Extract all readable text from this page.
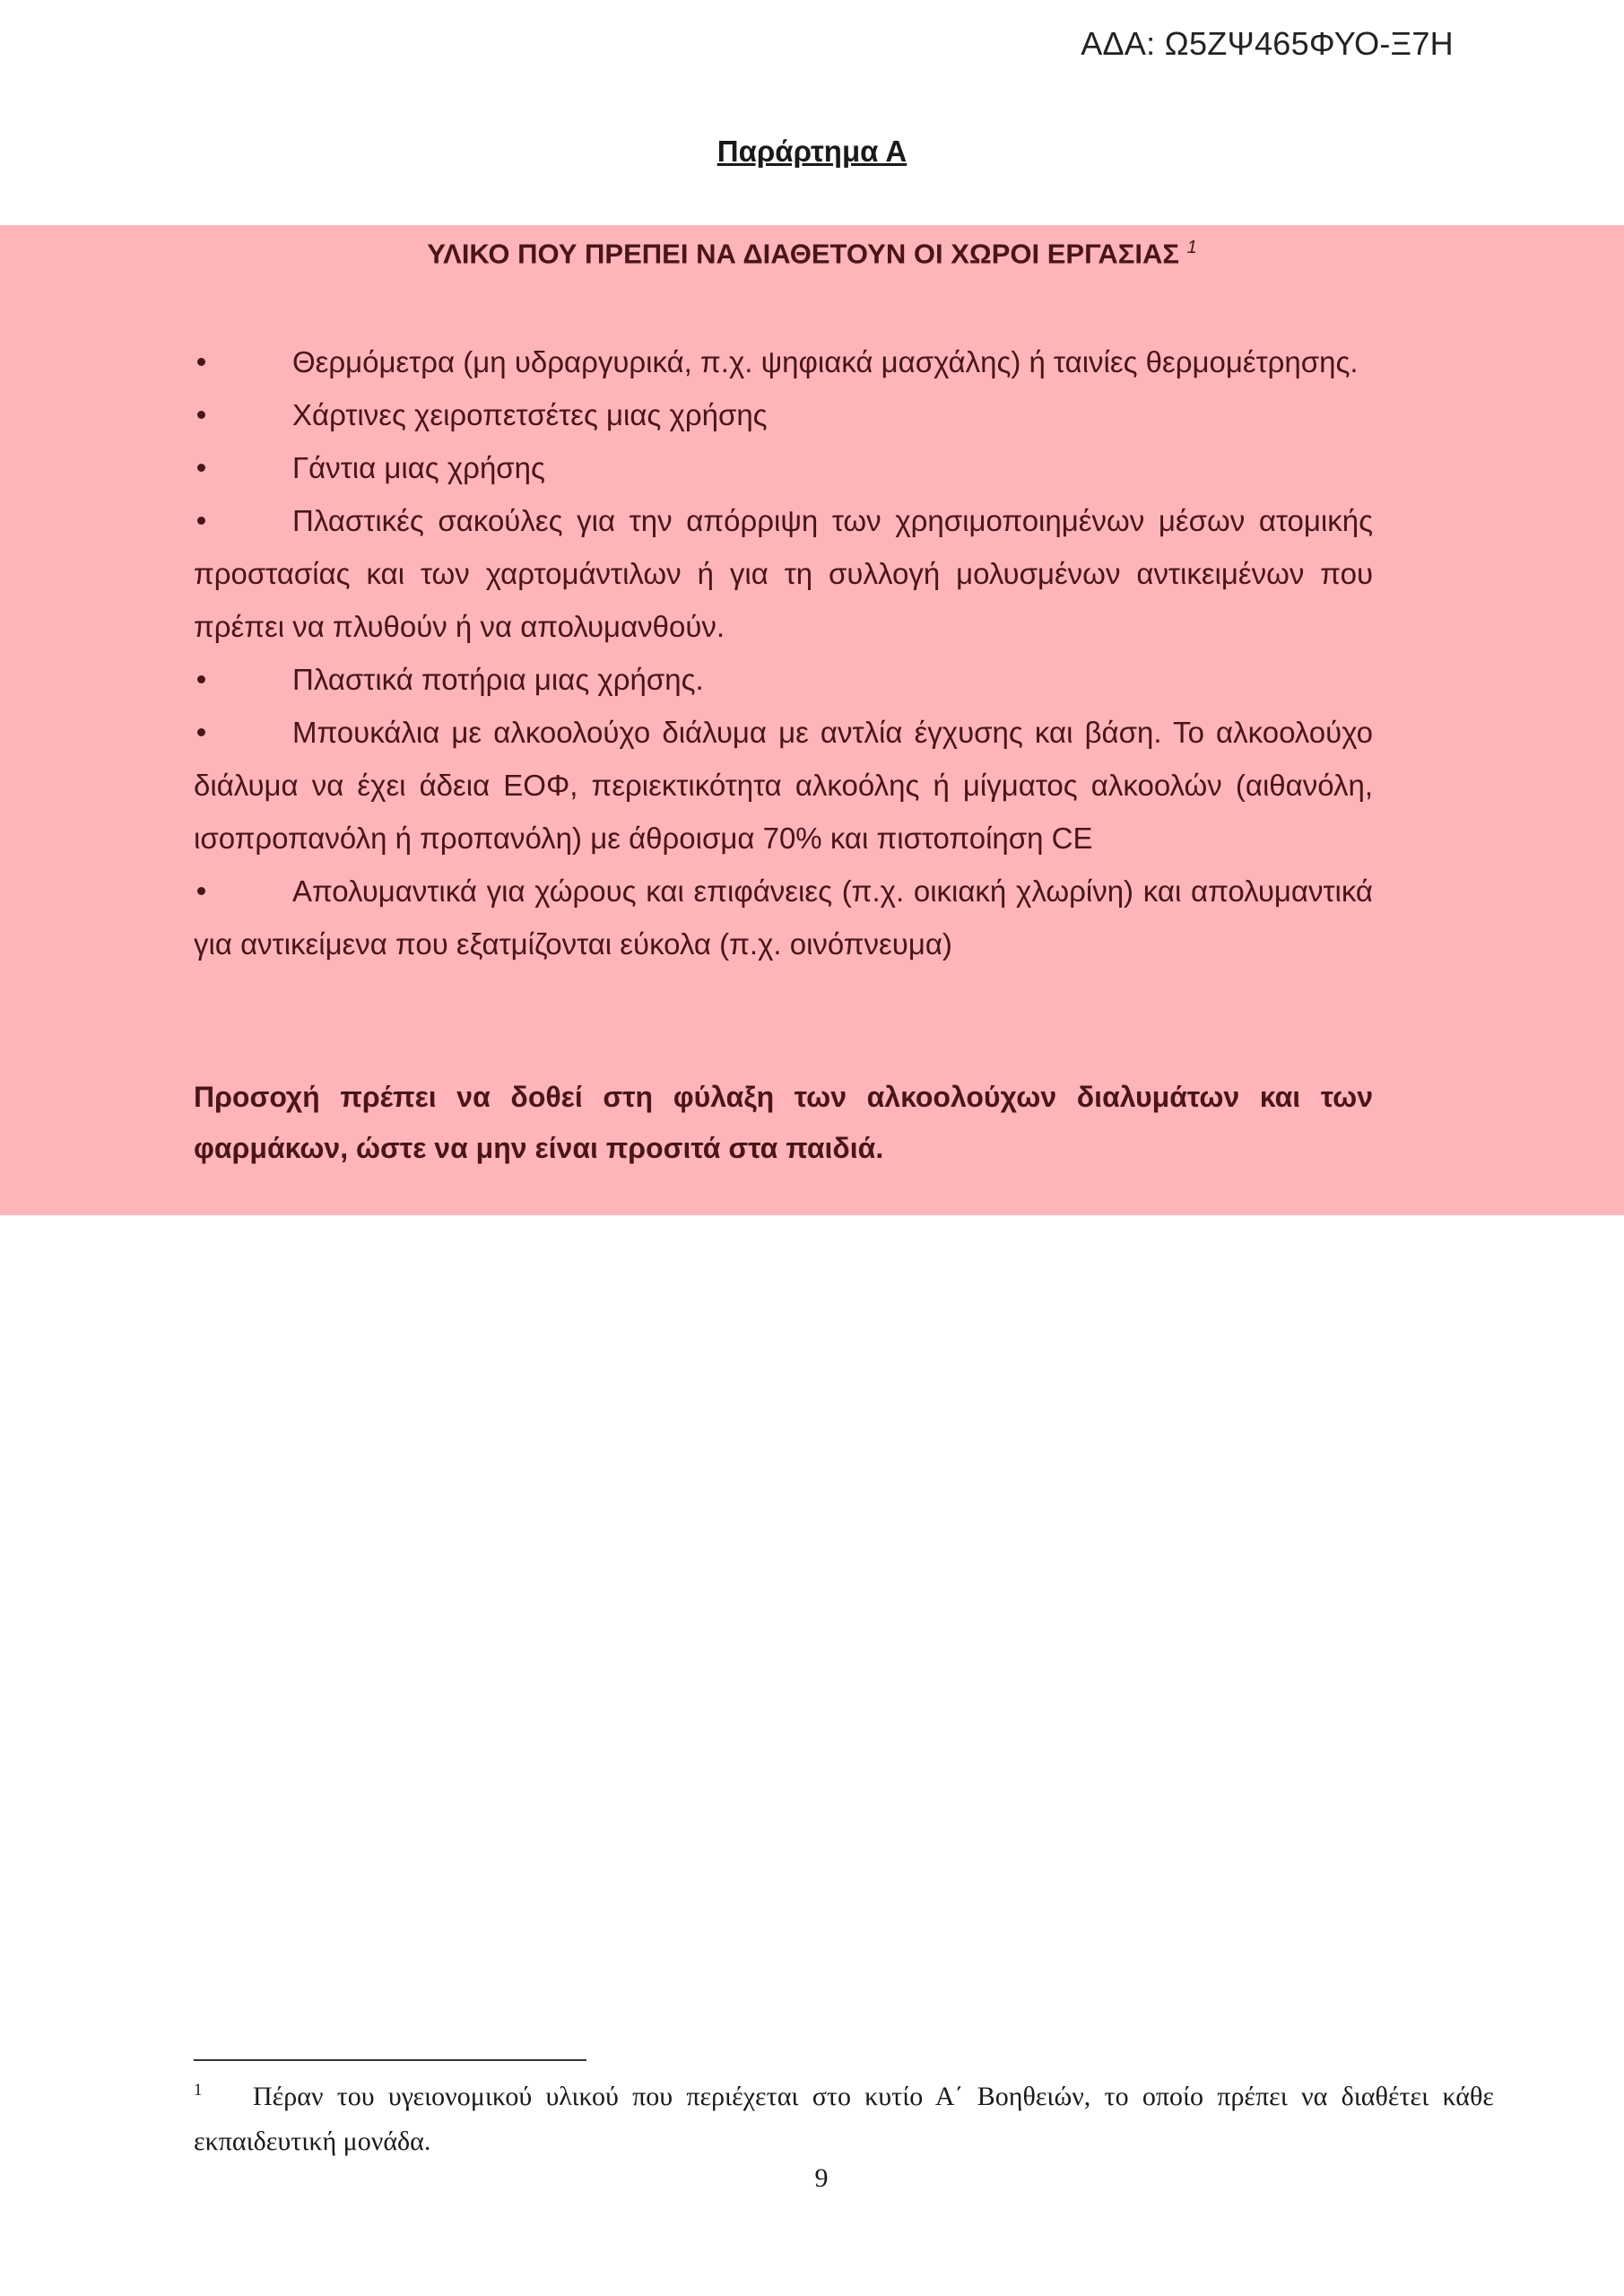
ΑΔΑ: Ω5ΖΨ465ΦΥΟ-Ξ7Η
Παράρτημα Α
ΥΛΙΚΟ ΠΟΥ ΠΡΕΠΕΙ ΝΑ ΔΙΑΘΕΤΟΥΝ ΟΙ ΧΩΡΟΙ ΕΡΓΑΣΙΑΣ $^1$

Θερμόμετρα (μη υδραργυρικά, π.χ. ψηφιακά μασχάλης) ή ταινίες θερμομέτρησης.

Χάρτινες χειροπετσέτες μιας χρήσης

Γάντια μιας χρήσης

Πλαστικές σακούλες για την απόρριψη των χρησιμοποιημένων μέσων ατομικής προστασίας και των χαρτομάντιλων ή για τη συλλογή μολυσμένων αντικειμένων που πρέπει να πλυθούν ή να απολυμανθούν.

Πλαστικά ποτήρια μιας χρήσης.

Μπουκάλια με αλκοολούχο διάλυμα με αντλία έγχυσης και βάση. Το αλκοολούχο διάλυμα να έχει άδεια ΕΟΦ, περιεκτικότητα αλκοόλης ή μίγματος αλκοολών (αιθανόλη, ισοπροπανόλη ή προπανόλη) με άθροισμα 70% και πιστοποίηση CE

Απολυμαντικά για χώρους και επιφάνειες (π.χ. οικιακή χλωρίνη) και απολυμαντικά για αντικείμενα που εξατμίζονται εύκολα (π.χ. οινόπνευμα)

Προσοχή πρέπει να δοθεί στη φύλαξη των αλκοολούχων διαλυμάτων και των φαρμάκων, ώστε να μην είναι προσιτά στα παιδιά.
1 Πέραν του υγειονομικού υλικού που περιέχεται στο κυτίο Α΄ Βοηθειών, το οποίο πρέπει να διαθέτει κάθε εκπαιδευτική μονάδα.
9
